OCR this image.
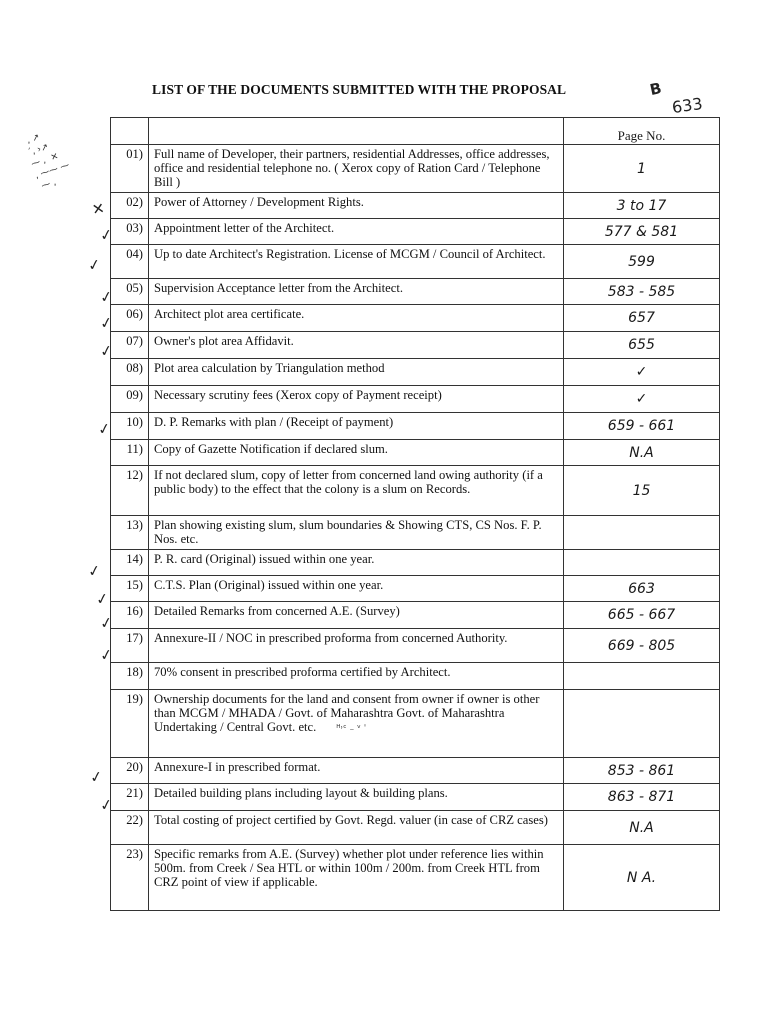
LIST OF THE DOCUMENTS SUBMITTED WITH THE PROPOSAL	B
633
‚ ↗
´‚ ›↗
⁓ ‚  ✕
‚ ⁓⁓ ⁓
⁓ ‚
		Page No.
01)	Full name of Developer, their partners, residential Addresses, office addresses, office and residential telephone no. ( Xerox copy of Ration Card / Telephone Bill )	1
02)	Power of Attorney / Development Rights.	3 to 17
03)	Appointment letter of the Architect.	577 & 581
04)	Up to date Architect's Registration. License of MCGM / Council of Architect.	599
05)	Supervision Acceptance letter from the Architect.	583 - 585
06)	Architect plot area certificate.	657
07)	Owner's plot area Affidavit.	655
08)	Plot area calculation by Triangulation method	✓
09)	Necessary scrutiny fees (Xerox copy of Payment receipt)	✓
10)	D. P. Remarks with plan / (Receipt of payment)	659 - 661
11)	Copy of Gazette Notification if declared slum.	N.A
12)	If not declared slum, copy of letter from concerned land owing authority (if a public body) to the effect that the colony is a slum on Records.	15
13)	Plan showing existing slum, slum boundaries & Showing CTS, CS Nos. F. P. Nos. etc.	
14)	P. R. card (Original) issued within one year.	
15)	C.T.S. Plan (Original) issued within one year.	663
16)	Detailed Remarks from concerned A.E. (Survey)	665 - 667
17)	Annexure-II / NOC in prescribed proforma from concerned Authority.	669 - 805
18)	70% consent in prescribed proforma certified by Architect.	
19)	Ownership documents for the land and consent from owner if owner is other than MCGM / MHADA / Govt. of Maharashtra Govt. of Maharashtra Undertaking / Central Govt. etc. ᴴ˒ᶜ ₋ ᵛ ˈ	
20)	Annexure-I in prescribed format.	853 - 861
21)	Detailed building plans including layout & building plans.	863 - 871
22)	Total costing of project certified by Govt. Regd. valuer (in case of CRZ cases)	N.A
23)	Specific remarks from A.E. (Survey) whether plot under reference lies within 500m. from Creek / Sea HTL or within 100m / 200m. from Creek HTL from CRZ point of view if applicable.	N A.
✕
✓
✓
✓
✓
✓
✓
✓
✓
✓
✓
✓
✓
